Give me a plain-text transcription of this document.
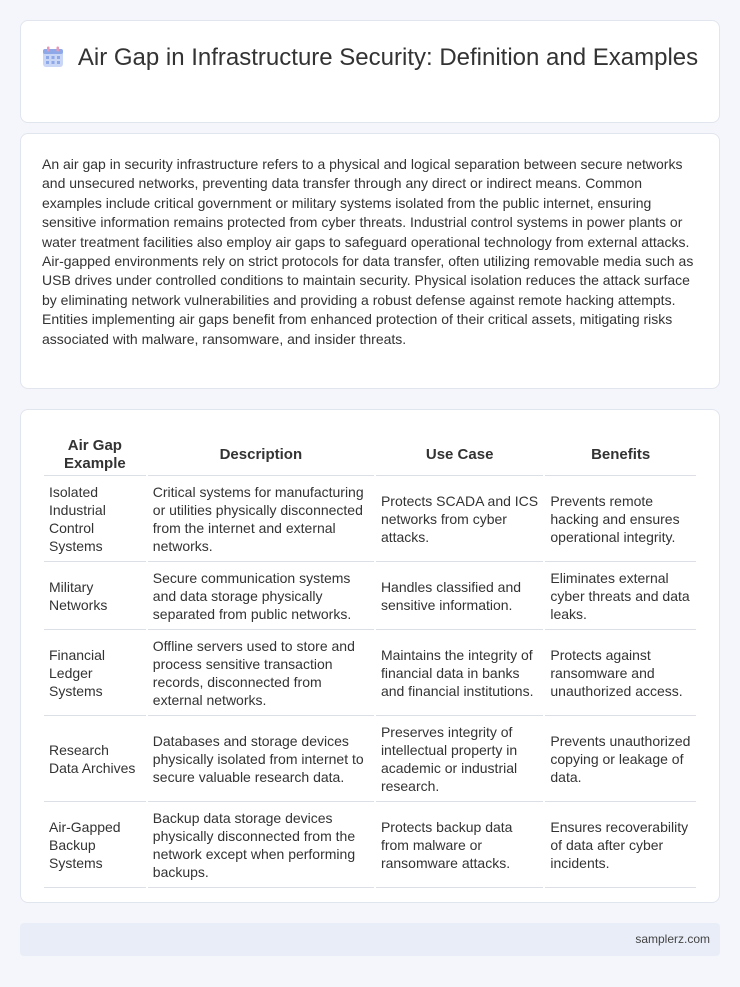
Air Gap in Infrastructure Security: Definition and Examples

An air gap in security infrastructure refers to a physical and logical separation between secure networks and unsecured networks, preventing data transfer through any direct or indirect means. Common examples include critical government or military systems isolated from the public internet, ensuring sensitive information remains protected from cyber threats. Industrial control systems in power plants or water treatment facilities also employ air gaps to safeguard operational technology from external attacks. Air-gapped environments rely on strict protocols for data transfer, often utilizing removable media such as USB drives under controlled conditions to maintain security. Physical isolation reduces the attack surface by eliminating network vulnerabilities and providing a robust defense against remote hacking attempts. Entities implementing air gaps benefit from enhanced protection of their critical assets, mitigating risks associated with malware, ransomware, and insider threats.

Air Gap Example	Description	Use Case	Benefits
Isolated Industrial Control Systems	Critical systems for manufacturing or utilities physically disconnected from the internet and external networks.	Protects SCADA and ICS networks from cyber attacks.	Prevents remote hacking and ensures operational integrity.
Military Networks	Secure communication systems and data storage physically separated from public networks.	Handles classified and sensitive information.	Eliminates external cyber threats and data leaks.
Financial Ledger Systems	Offline servers used to store and process sensitive transaction records, disconnected from external networks.	Maintains the integrity of financial data in banks and financial institutions.	Protects against ransomware and unauthorized access.
Research Data Archives	Databases and storage devices physically isolated from internet to secure valuable research data.	Preserves integrity of intellectual property in academic or industrial research.	Prevents unauthorized copying or leakage of data.
Air-Gapped Backup Systems	Backup data storage devices physically disconnected from the network except when performing backups.	Protects backup data from malware or ransomware attacks.	Ensures recoverability of data after cyber incidents.
samplerz.com
